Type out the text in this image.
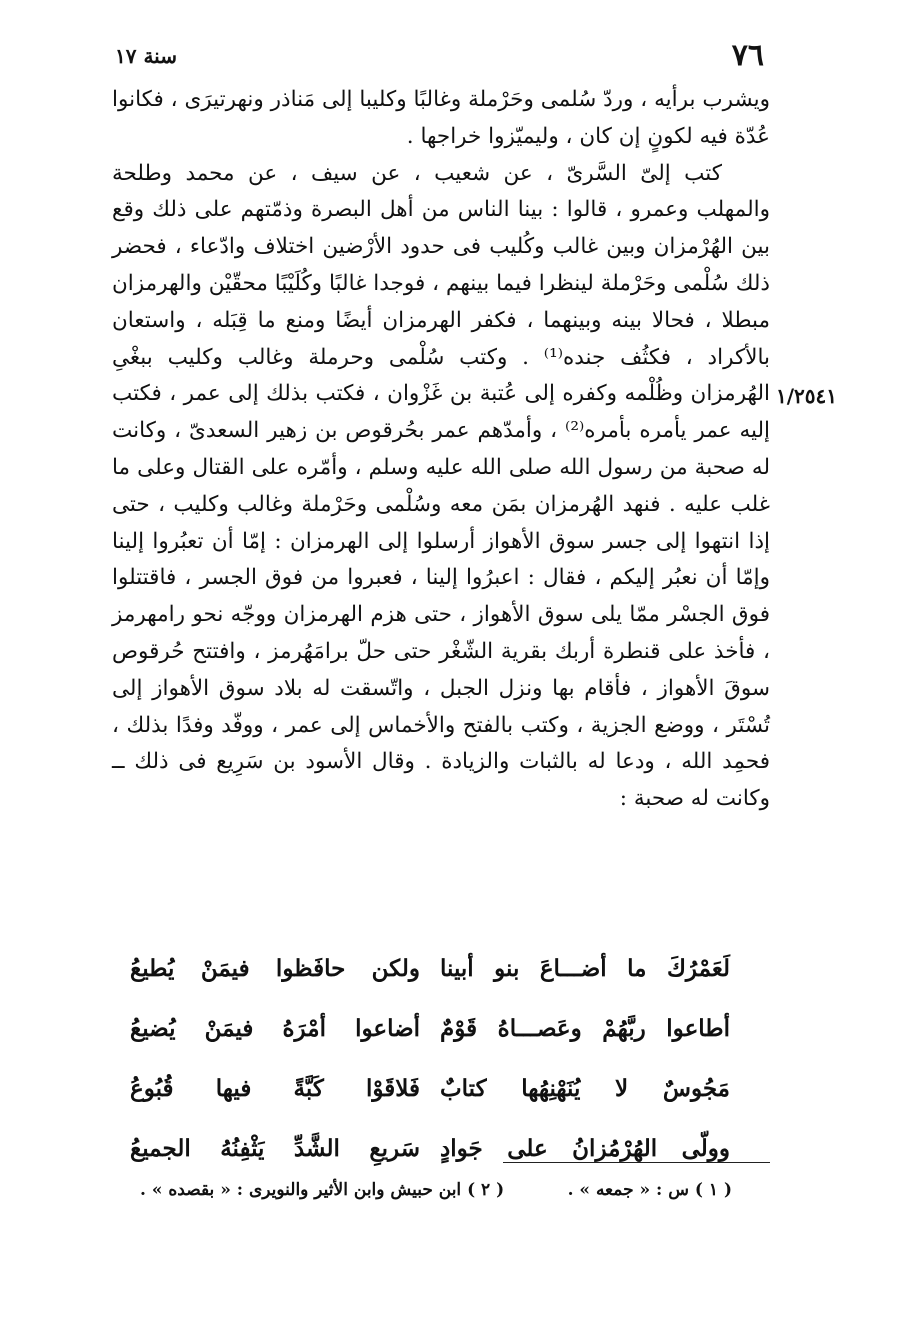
٧٦
سنة ١٧
١/٢٥٤١

ويشرب برأيه ، وردّ سُلمى وحَرْملة وغالبًا وكليبا إلى مَناذر ونهرتيرَى ، فكانوا عُدّة فيه لكونٍ إن كان ، وليميّزوا خراجها .

كتب إلىّ السَّرىّ ، عن شعيب ، عن سيف ، عن محمد وطلحة والمهلب وعمرو ، قالوا : بينا الناس من أهل البصرة وذمّتهم على ذلك وقع بين الهُرْمزان وبين غالب وكُليب فى حدود الأرْضين اختلاف وادّعاء ، فحضر ذلك سُلْمى وحَرْملة لينظرا فيما بينهم ، فوجدا غالبًا وكُلَيْبًا محقّيْن والهرمزان مبطلا ، فحالا بينه وبينهما ، فكفر الهرمزان أيضًا ومنع ما قِبَله ، واستعان بالأكراد ، فكثُف جنده⁽¹⁾ . وكتب سُلْمى وحرملة وغالب وكليب ببغْىِ الهُرمزان وظُلْمه وكفره إلى عُتبة بن غَزْوان ، فكتب بذلك إلى عمر ، فكتب إليه عمر يأمره بأمره⁽²⁾ ، وأمدّهم عمر بحُرقوص بن زهير السعدىّ ، وكانت له صحبة من رسول الله صلى الله عليه وسلم ، وأمّره على القتال وعلى ما غلب عليه . فنهد الهُرمزان بمَن معه وسُلْمى وحَرْملة وغالب وكليب ، حتى إذا انتهوا إلى جسر سوق الأهواز أرسلوا إلى الهرمزان : إمّا أن تعبُروا إلينا وإمّا أن نعبُر إليكم ، فقال : اعبرُوا إلينا ، فعبروا من فوق الجسر ، فاقتتلوا فوق الجسْر ممّا يلى سوق الأهواز ، حتى هزم الهرمزان ووجّه نحو رامهرمز ، فأخذ على قنطرة أربك بقرية الشّغْر حتى حلّ برامَهُرمز ، وافتتح حُرقوص سوقَ الأهواز ، فأقام بها ونزل الجبل ، واتّسقت له بلاد سوق الأهواز إلى تُسْتَر ، ووضع الجزية ، وكتب بالفتح والأخماس إلى عمر ، ووفّد وفدًا بذلك ، فحمِد الله ، ودعا له بالثبات والزيادة . وقال الأسود بن سَرِيع فى ذلك ــ وكانت له صحبة :

لَعَمْرُكَ ما أضـــاعَ بنو أبينا
ولكن حافَظوا فيمَنْ يُطيعُ
أطاعوا ربَّهُمْ وعَصـــاهُ قَوْمٌ
أضاعوا أمْرَهُ فيمَنْ يُضيعُ
مَجُوسٌ لا يُنَهْنِهُها كتابٌ
فَلاقَوْا كَبَّةً فيها قُبُوعُ
وولّى الهُرْمُزانُ على جَوادٍ
سَريعِ الشَّدِّ يَثْفِنُهُ الجميعُ
( ١ ) س : « جمعه » .
( ٢ ) ابن حبيش وابن الأثير والنويرى : « بقصده » .
